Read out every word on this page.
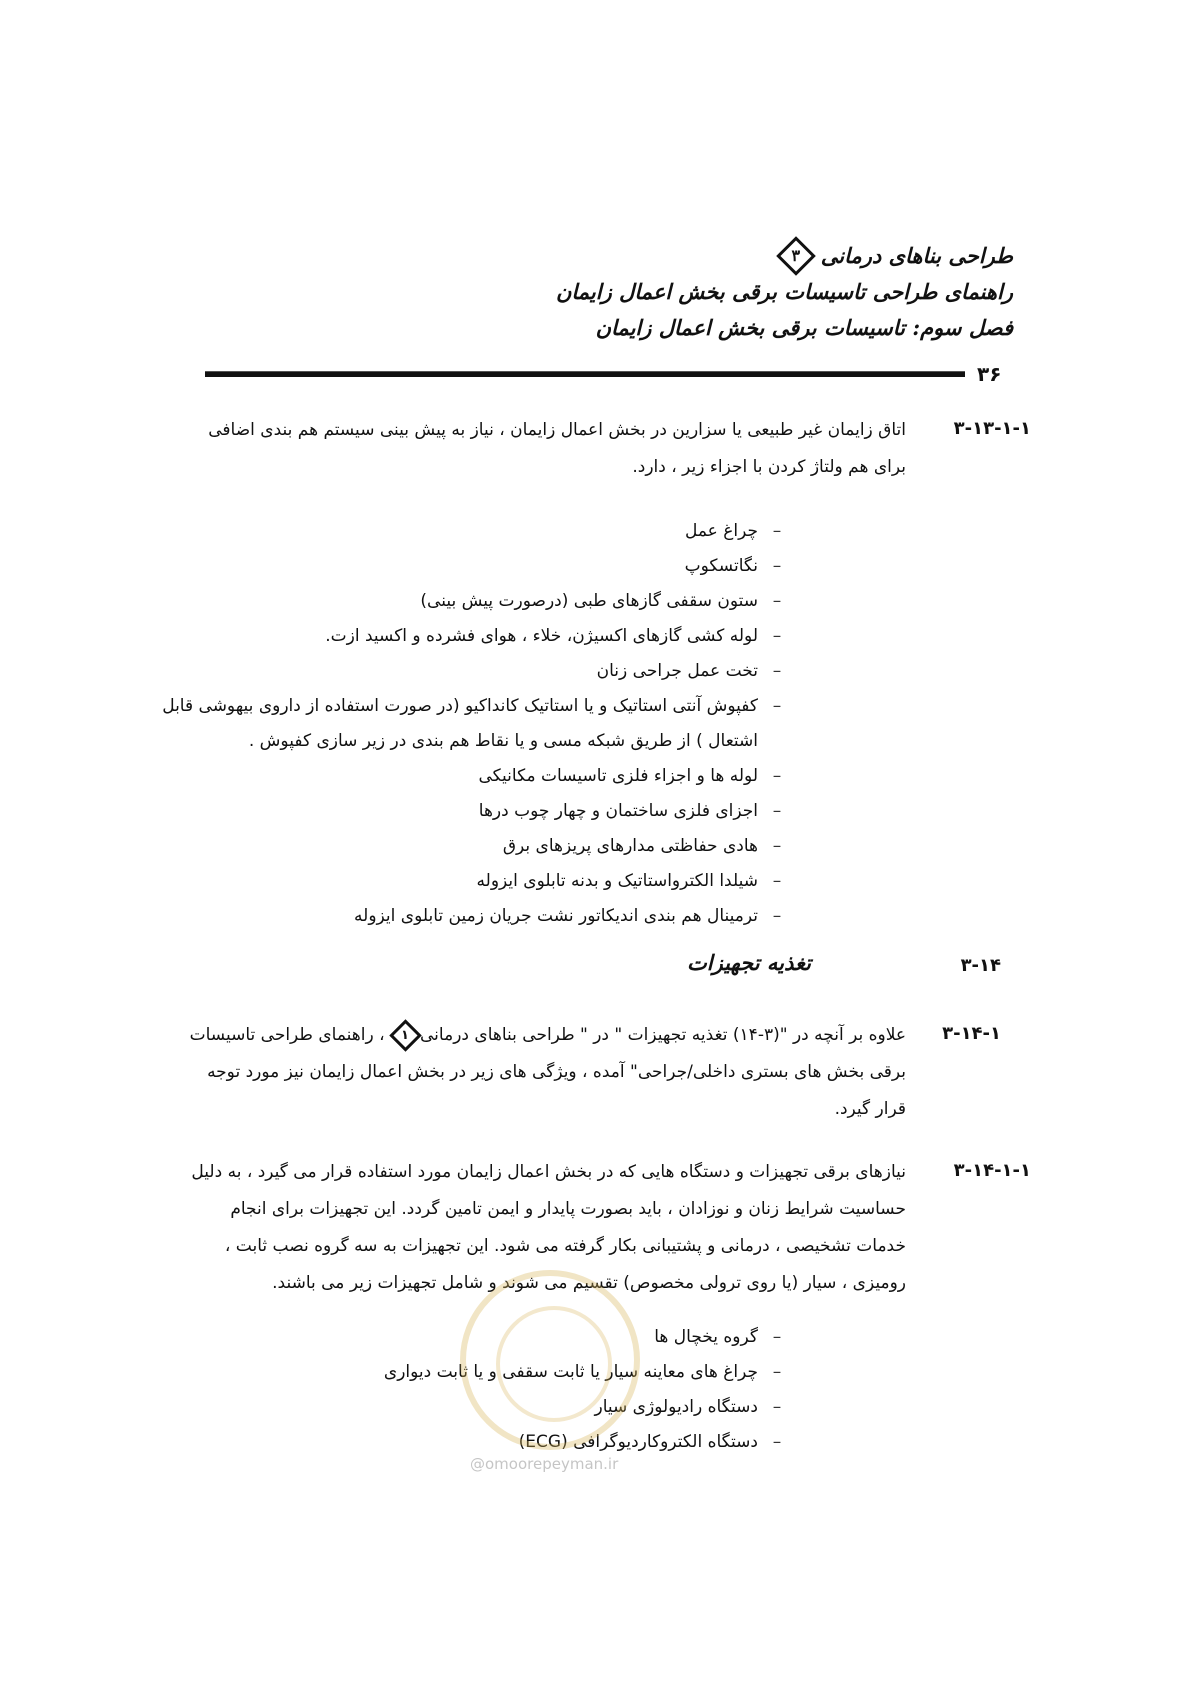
طراحی بناهای درمانی
۳
راهنمای طراحی تاسیسات برقی بخش اعمال زایمان
فصل سوم: تاسیسات برقی بخش اعمال زایمان
۳۶
۳-۱۳-۱-۱
اتاق زایمان غیر طبیعی یا سزارین در بخش اعمال زایمان ، نیاز به پیش بینی سیستم هم بندی اضافی برای هم ولتاژ کردن با اجزاء زیر ، دارد.
–
چراغ عمل
–
نگاتسکوپ
–
ستون سقفی گازهای طبی (درصورت پیش بینی)
–
لوله کشی گازهای اکسیژن، خلاء ، هوای فشرده و اکسید ازت.
–
تخت عمل جراحی زنان
–
کفپوش آنتی استاتیک و یا استاتیک کانداکیو (در صورت استفاده از داروی بیهوشی قابل اشتعال ) از طریق شبکه مسی و یا نقاط هم بندی در زیر سازی کفپوش .
–
لوله ها و اجزاء فلزی تاسیسات مکانیکی
–
اجزای فلزی ساختمان و چهار چوب درها
–
هادی حفاظتی مدارهای پریزهای برق
–
شیلدا الکترواستاتیک و بدنه تابلوی ایزوله
–
ترمینال هم بندی اندیکاتور نشت جریان زمین تابلوی ایزوله
۳-۱۴
تغذیه تجهیزات
۳-۱۴-۱
علاوه بر آنچه در "(۳-۱۴) تغذیه تجهیزات " در " طراحی بناهای درمانی
۱
، راهنمای طراحی تاسیسات برقی بخش های بستری داخلی/جراحی" آمده ، ویژگی های زیر در بخش اعمال زایمان نیز مورد توجه قرار گیرد.
۳-۱۴-۱-۱
نیازهای برقی تجهیزات و دستگاه هایی که در بخش اعمال زایمان مورد استفاده قرار می گیرد ، به دلیل حساسیت شرایط زنان و نوزادان ، باید بصورت پایدار و ایمن تامین گردد. این تجهیزات برای انجام خدمات تشخیصی ، درمانی و پشتیبانی بکار گرفته می شود. این تجهیزات به سه گروه نصب ثابت ، رومیزی ، سیار (یا روی ترولی مخصوص) تقسیم می شوند و شامل تجهیزات زیر می باشند.
–
گروه یخچال ها
–
چراغ های معاینه سیار یا ثابت سقفی و یا ثابت دیواری
–
دستگاه رادیولوژی سیار
–
دستگاه الکتروکاردیوگرافی (ECG)
@omoorepeyman.ir
